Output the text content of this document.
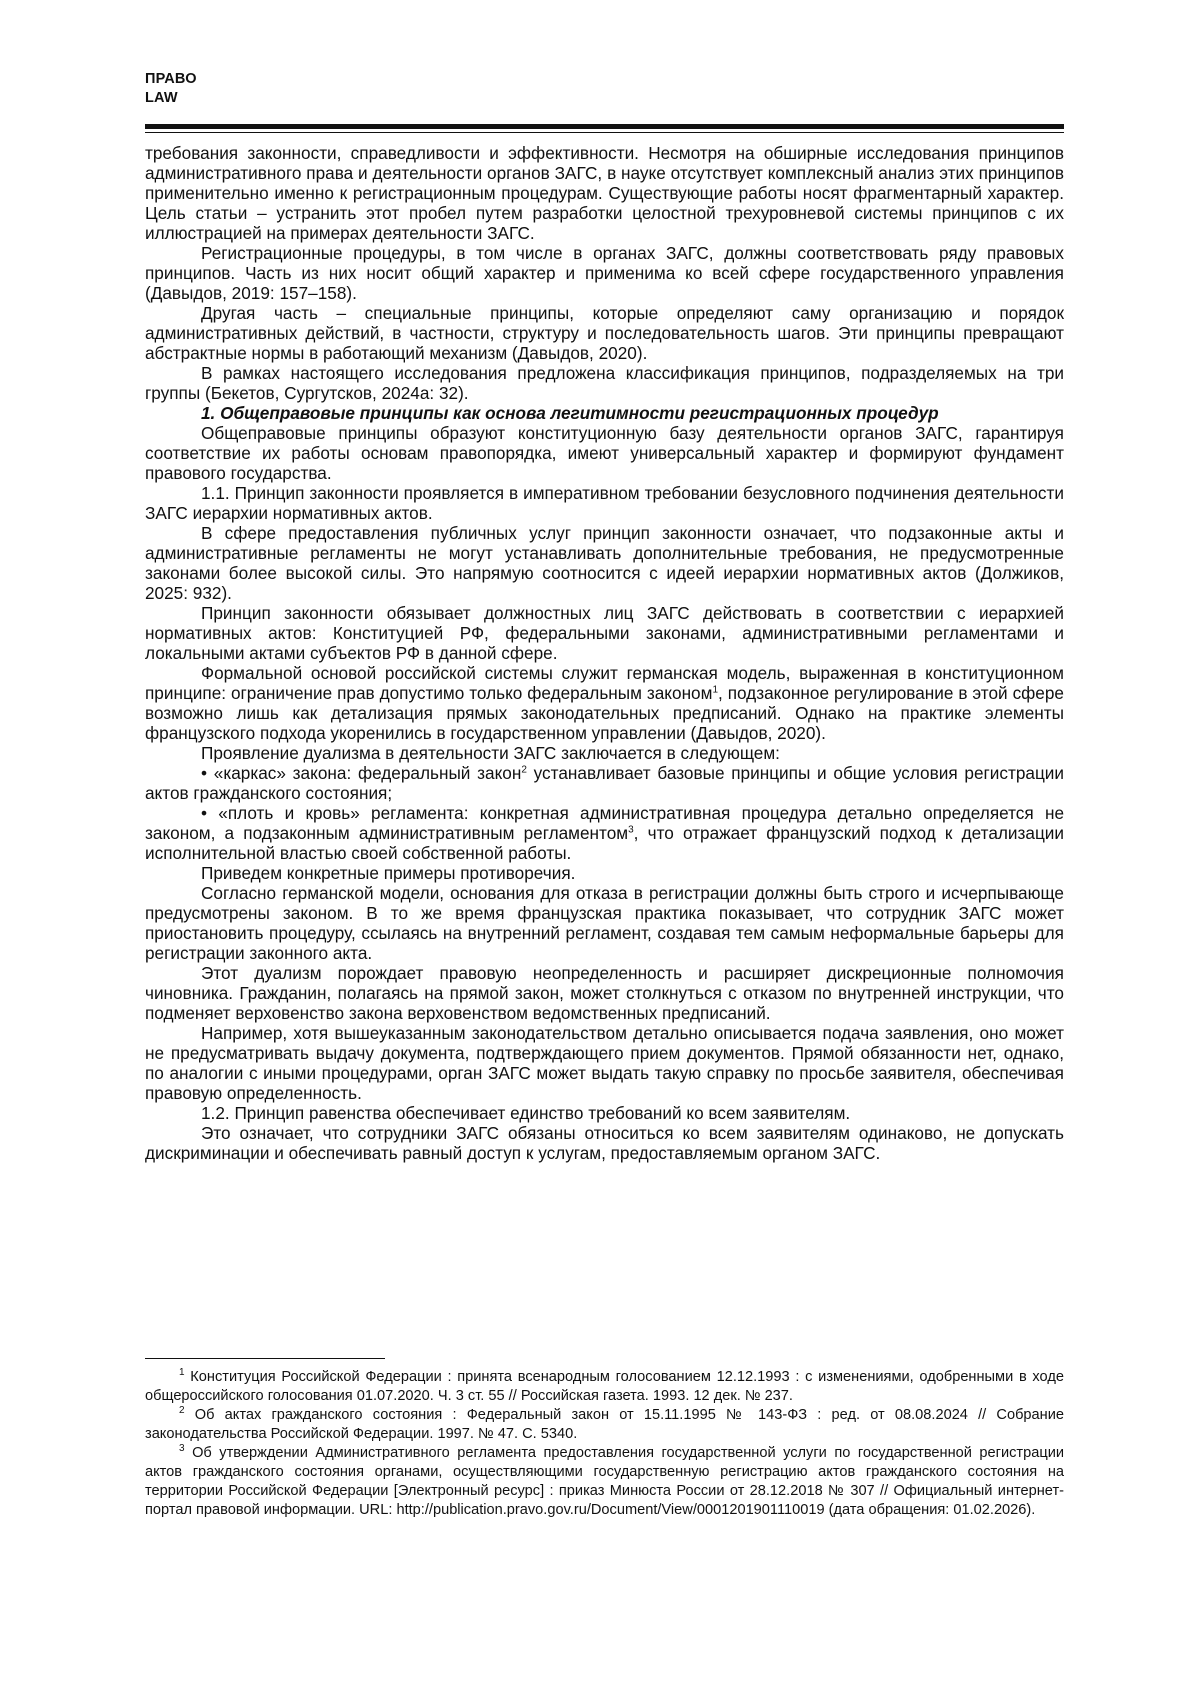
ПРАВО
LAW

требования законности, справедливости и эффективности. Несмотря на обширные исследования принципов административного права и деятельности органов ЗАГС, в науке отсутствует комплексный анализ этих принципов применительно именно к регистрационным процедурам. Существующие работы носят фрагментарный характер. Цель статьи – устранить этот пробел путем разработки целостной трехуровневой системы принципов с их иллюстрацией на примерах деятельности ЗАГС.

Регистрационные процедуры, в том числе в органах ЗАГС, должны соответствовать ряду правовых принципов. Часть из них носит общий характер и применима ко всей сфере государственного управления (Давыдов, 2019: 157–158).

Другая часть – специальные принципы, которые определяют саму организацию и порядок административных действий, в частности, структуру и последовательность шагов. Эти принципы превращают абстрактные нормы в работающий механизм (Давыдов, 2020).

В рамках настоящего исследования предложена классификация принципов, подразделяемых на три группы (Бекетов, Сургутсков, 2024а: 32).

1. Общеправовые принципы как основа легитимности регистрационных процедур

Общеправовые принципы образуют конституционную базу деятельности органов ЗАГС, гарантируя соответствие их работы основам правопорядка, имеют универсальный характер и формируют фундамент правового государства.

1.1. Принцип законности проявляется в императивном требовании безусловного подчинения деятельности ЗАГС иерархии нормативных актов.

В сфере предоставления публичных услуг принцип законности означает, что подзаконные акты и административные регламенты не могут устанавливать дополнительные требования, не предусмотренные законами более высокой силы. Это напрямую соотносится с идеей иерархии нормативных актов (Должиков, 2025: 932).

Принцип законности обязывает должностных лиц ЗАГС действовать в соответствии с иерархией нормативных актов: Конституцией РФ, федеральными законами, административными регламентами и локальными актами субъектов РФ в данной сфере.

Формальной основой российской системы служит германская модель, выраженная в конституционном принципе: ограничение прав допустимо только федеральным законом$^1$, подзаконное регулирование в этой сфере возможно лишь как детализация прямых законодательных предписаний. Однако на практике элементы французского подхода укоренились в государственном управлении (Давыдов, 2020).

Проявление дуализма в деятельности ЗАГС заключается в следующем:

• «каркас» закона: федеральный закон$^2$ устанавливает базовые принципы и общие условия регистрации актов гражданского состояния;

• «плоть и кровь» регламента: конкретная административная процедура детально определяется не законом, а подзаконным административным регламентом$^3$, что отражает французский подход к детализации исполнительной властью своей собственной работы.

Приведем конкретные примеры противоречия.

Согласно германской модели, основания для отказа в регистрации должны быть строго и исчерпывающе предусмотрены законом. В то же время французская практика показывает, что сотрудник ЗАГС может приостановить процедуру, ссылаясь на внутренний регламент, создавая тем самым неформальные барьеры для регистрации законного акта.

Этот дуализм порождает правовую неопределенность и расширяет дискреционные полномочия чиновника. Гражданин, полагаясь на прямой закон, может столкнуться с отказом по внутренней инструкции, что подменяет верховенство закона верховенством ведомственных предписаний.

Например, хотя вышеуказанным законодательством детально описывается подача заявления, оно может не предусматривать выдачу документа, подтверждающего прием документов. Прямой обязанности нет, однако, по аналогии с иными процедурами, орган ЗАГС может выдать такую справку по просьбе заявителя, обеспечивая правовую определенность.

1.2. Принцип равенства обеспечивает единство требований ко всем заявителям.

Это означает, что сотрудники ЗАГС обязаны относиться ко всем заявителям одинаково, не допускать дискриминации и обеспечивать равный доступ к услугам, предоставляемым органом ЗАГС.

$^1$ Конституция Российской Федерации : принята всенародным голосованием 12.12.1993 : с изменениями, одобренными в ходе общероссийского голосования 01.07.2020. Ч. 3 ст. 55 // Российская газета. 1993. 12 дек. № 237.

$^2$ Об актах гражданского состояния : Федеральный закон от 15.11.1995 № 143-ФЗ : ред. от 08.08.2024 // Собрание законодательства Российской Федерации. 1997. № 47. С. 5340.

$^3$ Об утверждении Административного регламента предоставления государственной услуги по государственной регистрации актов гражданского состояния органами, осуществляющими государственную регистрацию актов гражданского состояния на территории Российской Федерации [Электронный ресурс] : приказ Минюста России от 28.12.2018 № 307 // Официальный интернет-портал правовой информации. URL: http://publication.pravo.gov.ru/Document/View/0001201901110019 (дата обращения: 01.02.2026).
